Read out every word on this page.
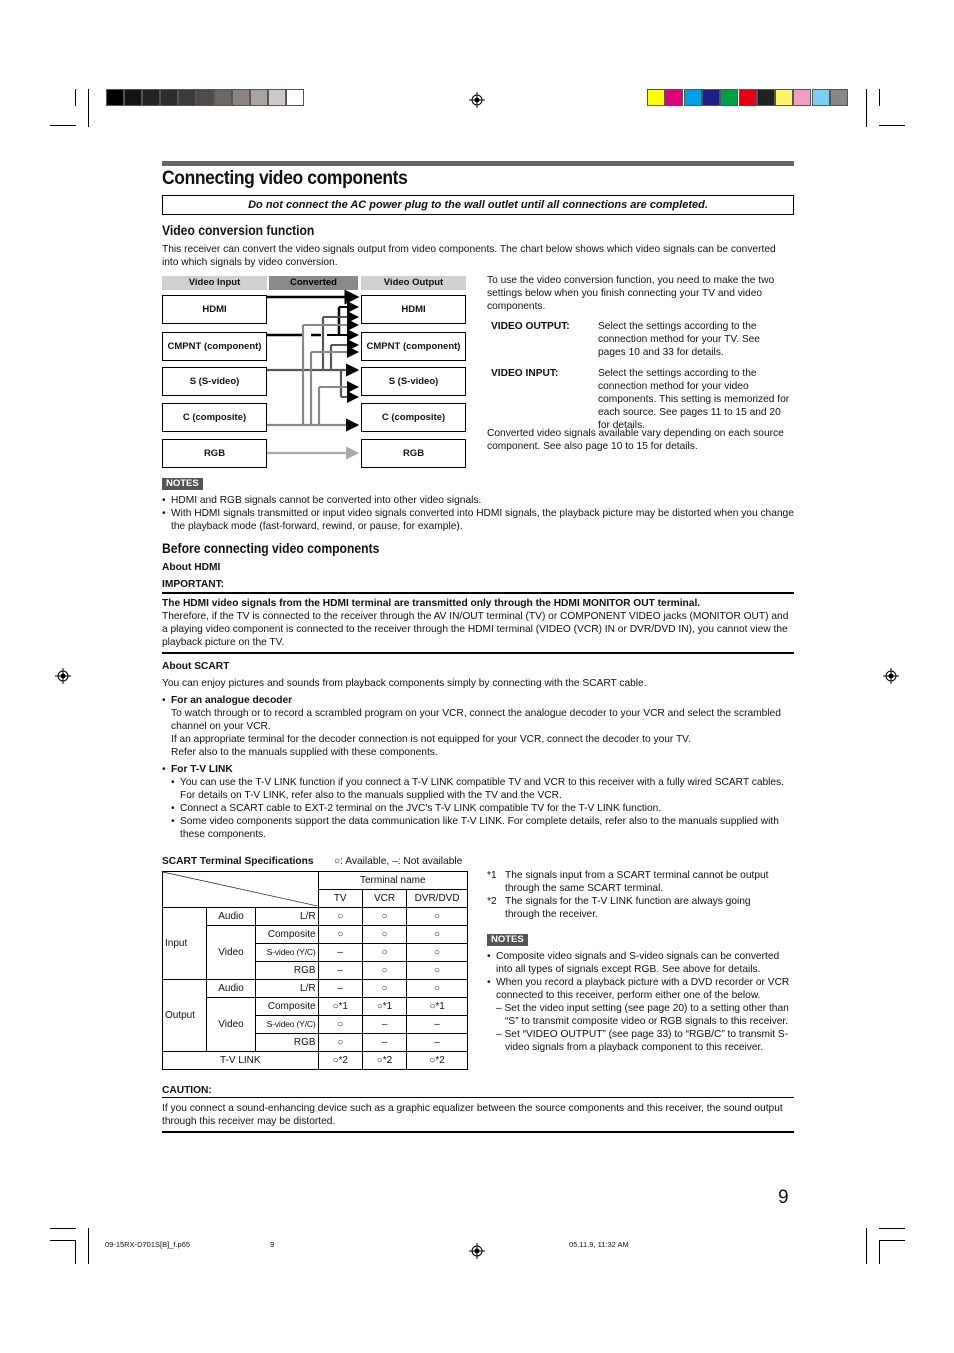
Connecting video components
Do not connect the AC power plug to the wall outlet until all connections are completed.
Video conversion function

This receiver can convert the video signals output from video components. The chart below shows which video signals can be converted into which signals by video conversion.

Video Input	Converted	Video Output
HDMI
CMPNT (component)
S (S-video)
C (composite)
RGB
HDMI
CMPNT (component)
S (S-video)
C (composite)
RGB

To use the video conversion function, you need to make the two settings below when you finish connecting your TV and video components.

VIDEO OUTPUT:	Select the settings according to the connection method for your TV. See pages 10 and 33 for details.
VIDEO INPUT:	Select the settings according to the connection method for your video components. This setting is memorized for each source. See pages 11 to 15 and 20 for details.

Converted video signals available vary depending on each source component. See also page 10 to 15 for details.

NOTES
• HDMI and RGB signals cannot be converted into other video signals.
• With HDMI signals transmitted or input video signals converted into HDMI signals, the playback picture may be distorted when you change the playback mode (fast-forward, rewind, or pause, for example).
Before connecting video components
About HDMI
IMPORTANT:
The HDMI video signals from the HDMI terminal are transmitted only through the HDMI MONITOR OUT terminal.
Therefore, if the TV is connected to the receiver through the AV IN/OUT terminal (TV) or COMPONENT VIDEO jacks (MONITOR OUT) and a playing video component is connected to the receiver through the HDMI terminal (VIDEO (VCR) IN or DVR/DVD IN), you cannot view the playback picture on the TV.
About SCART
You can enjoy pictures and sounds from playback components simply by connecting with the SCART cable.
• For an analogue decoder
To watch through or to record a scrambled program on your VCR, connect the analogue decoder to your VCR and select the scrambled channel on your VCR.
If an appropriate terminal for the decoder connection is not equipped for your VCR, connect the decoder to your TV.
Refer also to the manuals supplied with these components.
• For T-V LINK
• You can use the T-V LINK function if you connect a T-V LINK compatible TV and VCR to this receiver with a fully wired SCART cables. For details on T-V LINK, refer also to the manuals supplied with the TV and the VCR.
• Connect a SCART cable to EXT-2 terminal on the JVC's T-V LINK compatible TV for the T-V LINK function.
• Some video components support the data communication like T-V LINK. For complete details, refer also to the manuals supplied with these components.
SCART Terminal Specifications ○: Available, –: Not available
	Terminal name		
			TV	VCR	DVR/DVD
Input	Audio	L/R	○	○	○
	Video	Composite	○	○	○
		S-video (Y/C)	–	○	○
		RGB	–	○	○
Output	Audio	L/R	–	○	○
	Video	Composite	○*1	○*1	○*1
		S-video (Y/C)	○	–	–
		RGB	○	–	–
T-V LINK			○*2	○*2	○*2
*1 The signals input from a SCART terminal cannot be output through the same SCART terminal.
*2 The signals for the T-V LINK function are always going through the receiver.
NOTES
• Composite video signals and S-video signals can be converted into all types of signals except RGB. See above for details.
• When you record a playback picture with a DVD recorder or VCR connected to this receiver, perform either one of the below.
– Set the video input setting (see page 20) to a setting other than “S” to transmit composite video or RGB signals to this receiver.
– Set “VIDEO OUTPUT” (see page 33) to “RGB/C” to transmit S-video signals from a playback component to this receiver.
CAUTION:
If you connect a sound-enhancing device such as a graphic equalizer between the source components and this receiver, the sound output through this receiver may be distorted.
9
09-15RX-D701S[B]_f.p65	9	05.11.9, 11:32 AM
